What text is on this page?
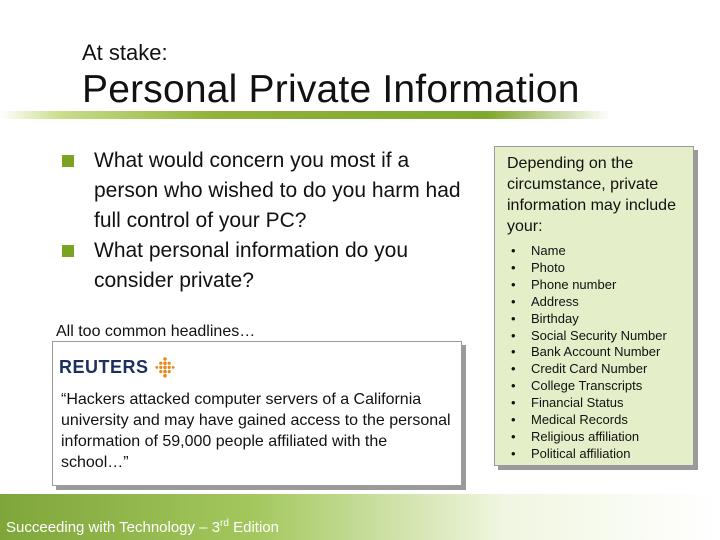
At stake:
Personal Private Information
What would concern you most if a person who wished to do you harm had full control of your PC?
What personal information do you consider private?
All too common headlines…
REUTERS
“Hackers attacked computer servers of a California university and may have gained access to the personal information of 59,000 people affiliated with the school…”
Depending on the circumstance, private information may include your:
•	Name
•	Photo
•	Phone number
•	Address
•	Birthday
•	Social Security Number
•	Bank Account Number
•	Credit Card Number
•	College Transcripts
•	Financial Status
•	Medical Records
•	Religious affiliation
•	Political affiliation
Succeeding with Technology – 3rd Edition
